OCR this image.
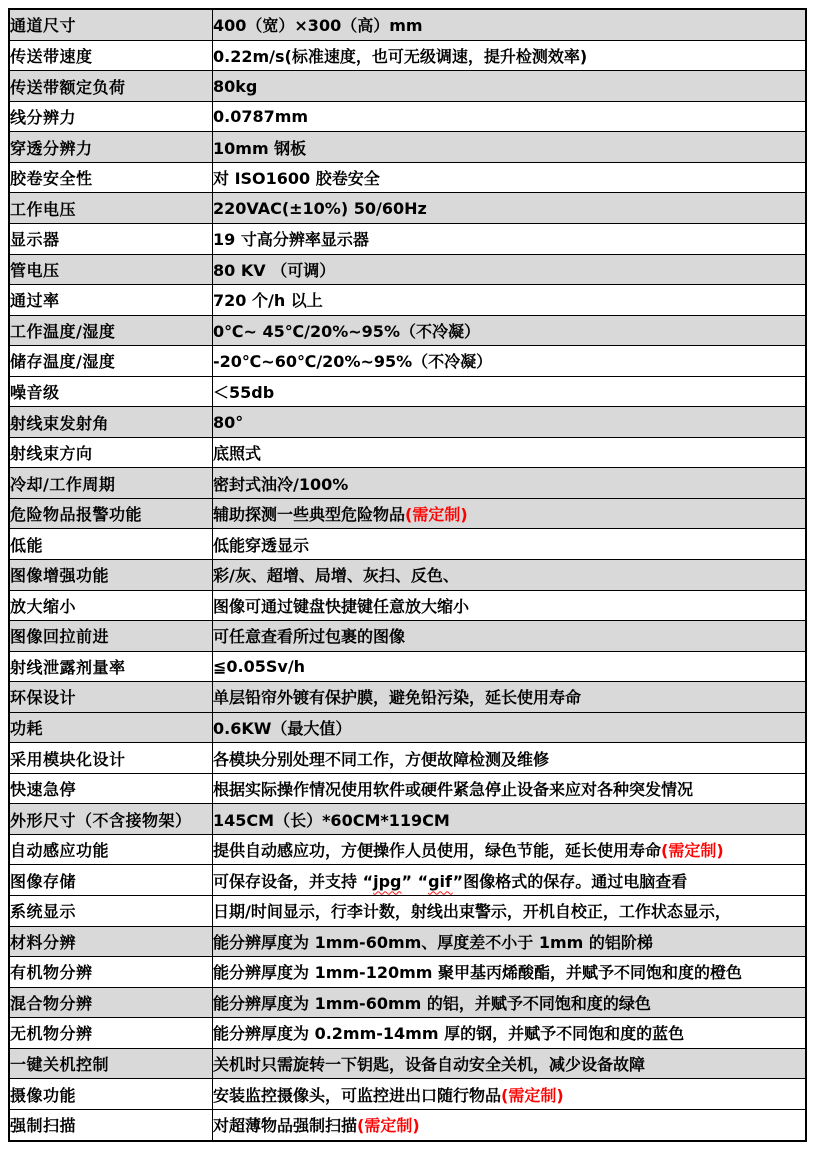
通道尺寸	400（宽）×300（高）mm
传送带速度	0.22m/s(标准速度，也可无级调速，提升检测效率)
传送带额定负荷	80kg
线分辨力	0.0787mm
穿透分辨力	10mm 钢板
胶卷安全性	对 ISO1600 胶卷安全
工作电压	220VAC(±10%) 50/60Hz
显示器	19 寸高分辨率显示器
管电压	80 KV （可调）
通过率	720 个/h 以上
工作温度/湿度	0℃~ 45℃/20%~95%（不冷凝）
储存温度/湿度	-20℃~60℃/20%~95%（不冷凝）
噪音级	＜55db
射线束发射角	80°
射线束方向	底照式
冷却/工作周期	密封式油冷/100%
危险物品报警功能	辅助探测一些典型危险物品(需定制)
低能	低能穿透显示
图像增强功能	彩/灰、超增、局增、灰扫、反色、
放大缩小	图像可通过键盘快捷键任意放大缩小
图像回拉前进	可任意查看所过包裹的图像
射线泄露剂量率	≦0.05Sv/h
环保设计	单层铅帘外镀有保护膜，避免铅污染，延长使用寿命
功耗	0.6KW（最大值）
采用模块化设计	各模块分别处理不同工作，方便故障检测及维修
快速急停	根据实际操作情况使用软件或硬件紧急停止设备来应对各种突发情况
外形尺寸（不含接物架）	145CM（长）*60CM*119CM
自动感应功能	提供自动感应功，方便操作人员使用，绿色节能，延长使用寿命(需定制)
图像存储	可保存设备，并支持 “jpg” “gif”图像格式的保存。通过电脑查看
系统显示	日期/时间显示，行李计数，射线出束警示，开机自校正，工作状态显示，
材料分辨	能分辨厚度为 1mm-60mm、厚度差不小于 1mm 的铝阶梯
有机物分辨	能分辨厚度为 1mm-120mm 聚甲基丙烯酸酯，并赋予不同饱和度的橙色
混合物分辨	能分辨厚度为 1mm-60mm 的铝，并赋予不同饱和度的绿色
无机物分辨	能分辨厚度为 0.2mm-14mm 厚的钢，并赋予不同饱和度的蓝色
一键关机控制	关机时只需旋转一下钥匙，设备自动安全关机，减少设备故障
摄像功能	安装监控摄像头，可监控进出口随行物品(需定制)
强制扫描	对超薄物品强制扫描(需定制)
